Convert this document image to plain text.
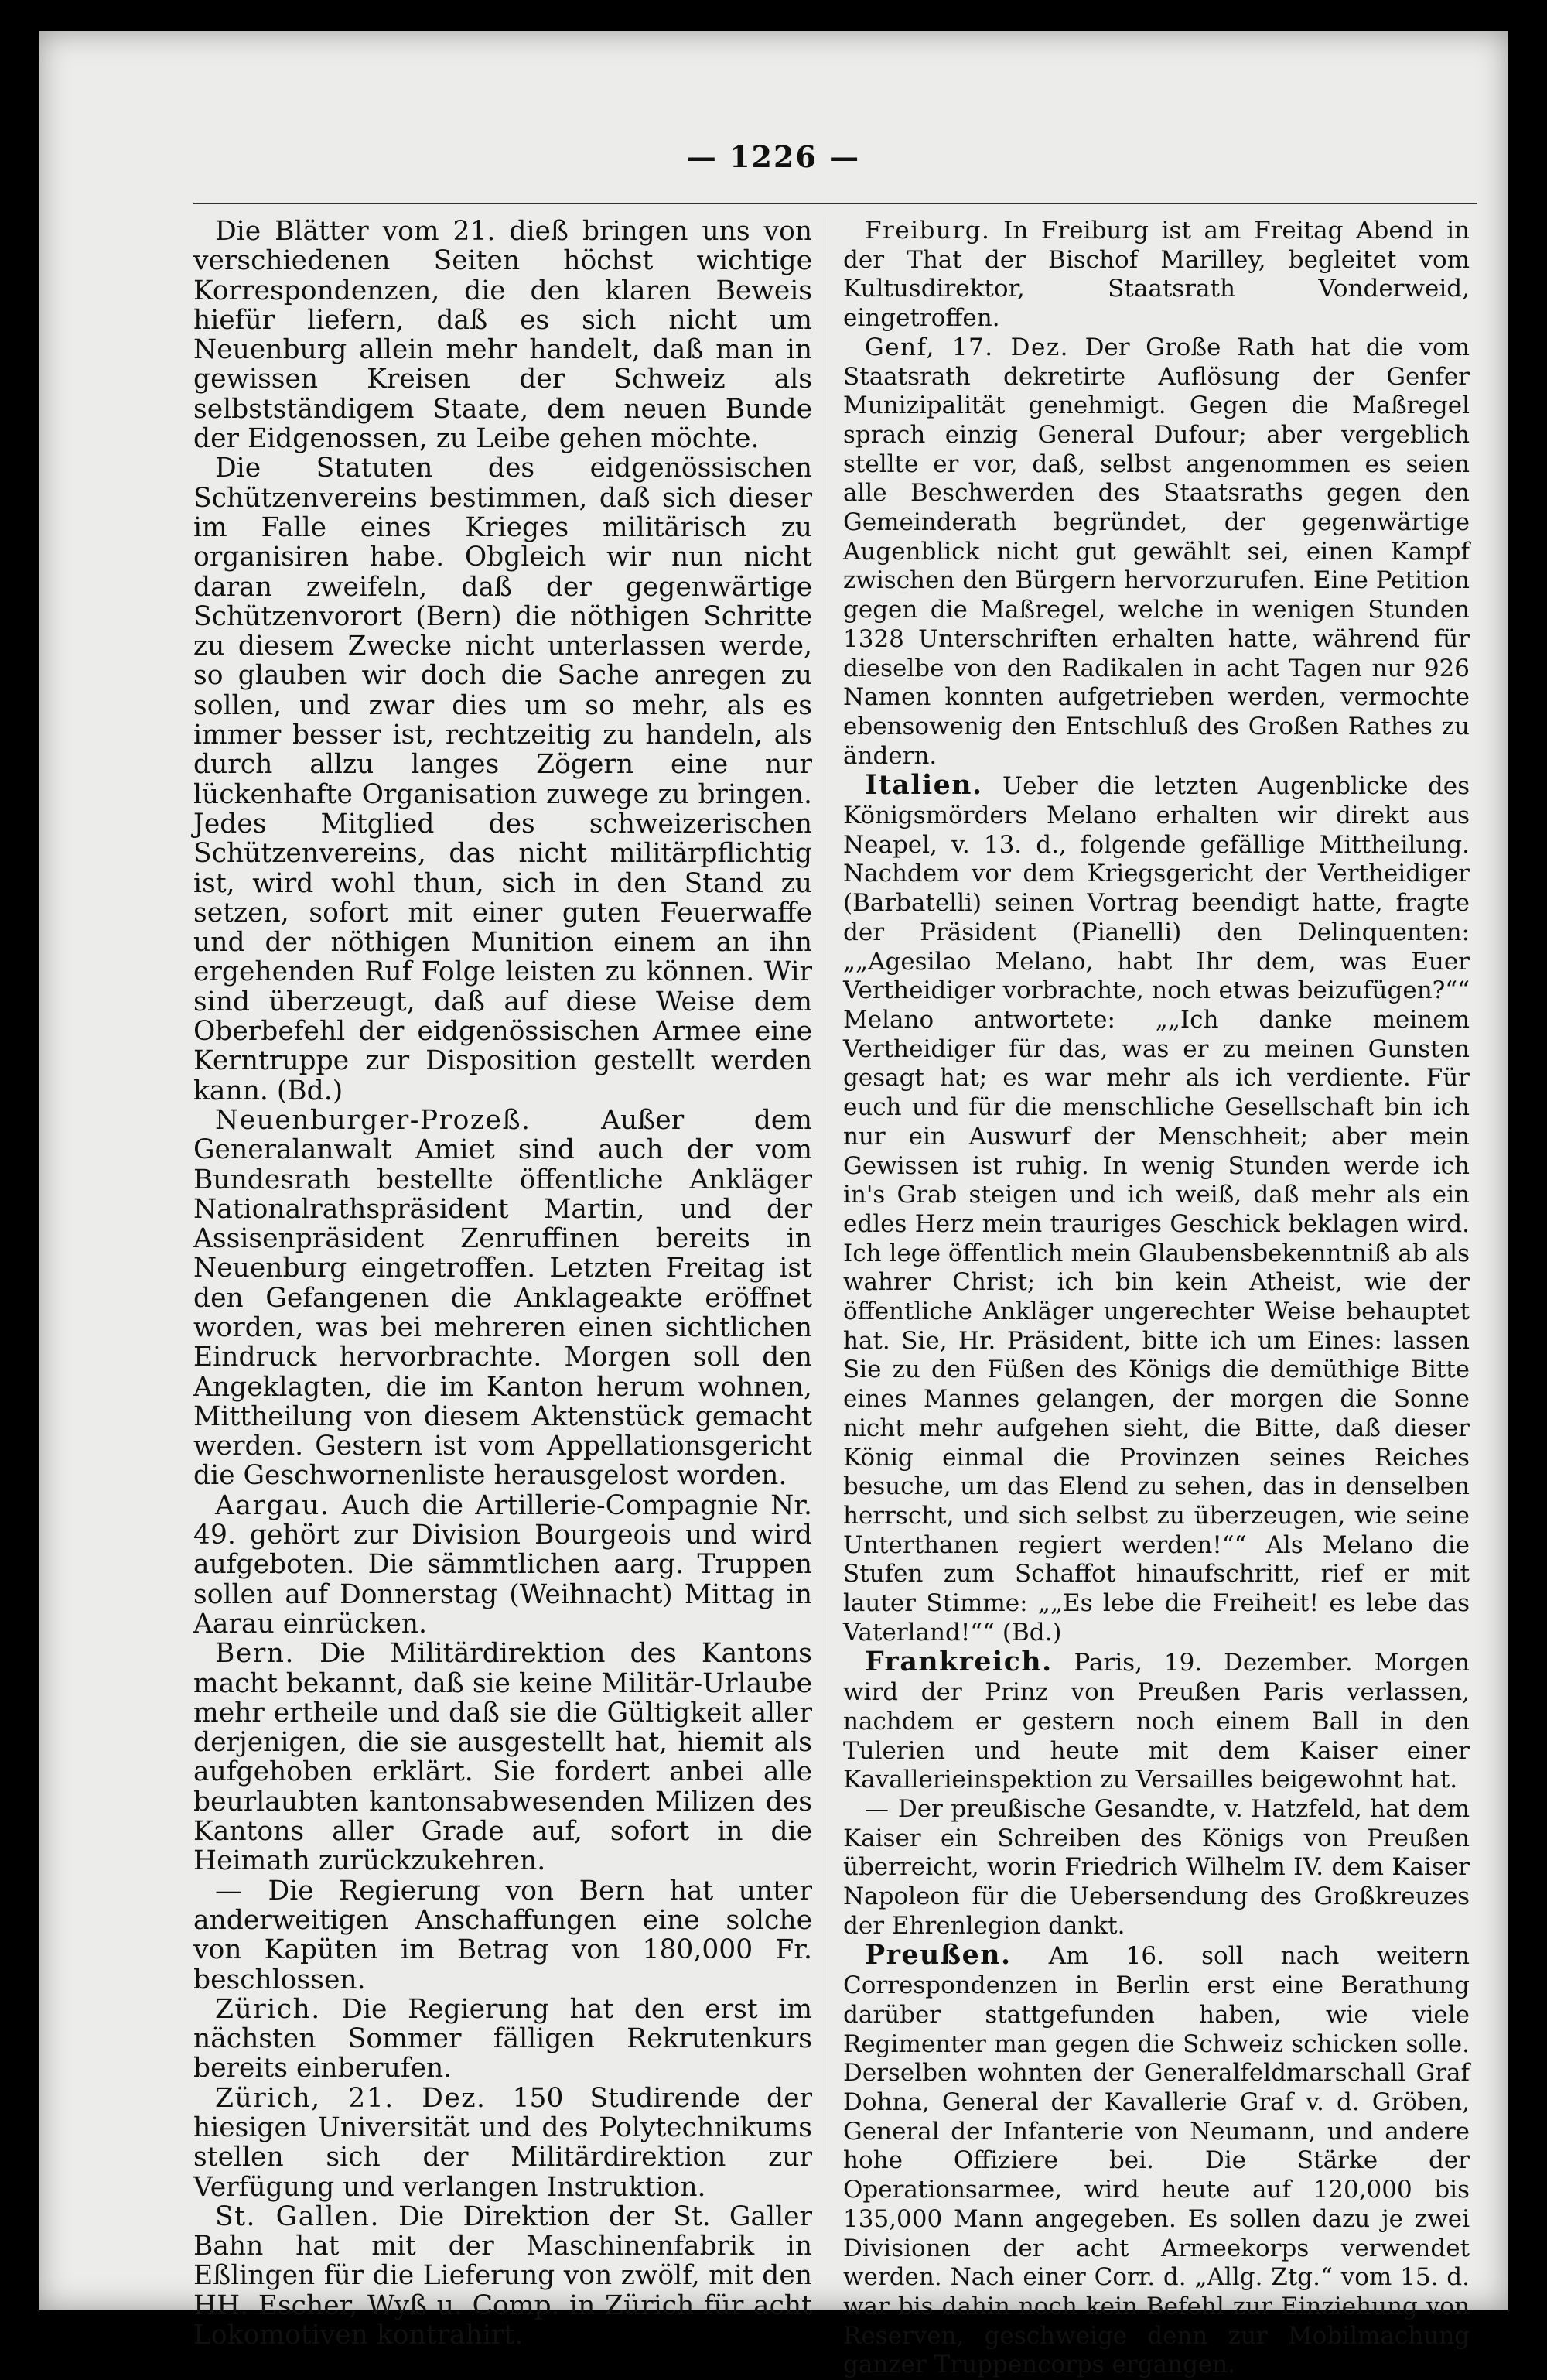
— 1226 —

Die Blätter vom 21. dieß bringen uns von verschiedenen Seiten höchst wichtige Korrespondenzen, die den klaren Beweis hiefür liefern, daß es sich nicht um Neuenburg allein mehr handelt, daß man in gewissen Kreisen der Schweiz als selbstständigem Staate, dem neuen Bunde der Eidgenossen, zu Leibe gehen möchte.

Die Statuten des eidgenössischen Schützenvereins bestimmen, daß sich dieser im Falle eines Krieges militärisch zu organisiren habe. Obgleich wir nun nicht daran zweifeln, daß der gegenwärtige Schützenvorort (Bern) die nöthigen Schritte zu diesem Zwecke nicht unterlassen werde, so glauben wir doch die Sache anregen zu sollen, und zwar dies um so mehr, als es immer besser ist, rechtzeitig zu handeln, als durch allzu langes Zögern eine nur lückenhafte Organisation zuwege zu bringen. Jedes Mitglied des schweizerischen Schützenvereins, das nicht militärpflichtig ist, wird wohl thun, sich in den Stand zu setzen, sofort mit einer guten Feuerwaffe und der nöthigen Munition einem an ihn ergehenden Ruf Folge leisten zu können. Wir sind überzeugt, daß auf diese Weise dem Oberbefehl der eidgenössischen Armee eine Kerntruppe zur Disposition gestellt werden kann. (Bd.)

Neuenburger-Prozeß.	Außer dem Generalanwalt Amiet sind auch der vom Bundesrath bestellte öffentliche Ankläger Nationalrathspräsident Martin, und der Assisenpräsident Zenruffinen bereits in Neuenburg eingetroffen. Letzten Freitag ist den Gefangenen die Anklageakte eröffnet worden, was bei mehreren einen sichtlichen Eindruck hervorbrachte. Morgen soll den Angeklagten, die im Kanton herum wohnen, Mittheilung von diesem Aktenstück gemacht werden. Gestern ist vom Appellationsgericht die Geschwornenliste herausgelost worden.

Aargau. Auch die Artillerie-Compagnie Nr. 49. gehört zur Division Bourgeois und wird aufgeboten. Die sämmtlichen aarg. Truppen sollen auf Donnerstag (Weihnacht) Mittag in Aarau einrücken.

Bern. Die Militärdirektion des Kantons macht bekannt, daß sie keine Militär-Urlaube mehr ertheile und daß sie die Gültigkeit aller derjenigen, die sie ausgestellt hat, hiemit als aufgehoben erklärt. Sie fordert anbei alle beurlaubten kantonsabwesenden Milizen des Kantons aller Grade auf, sofort in die Heimath zurückzukehren.

— Die Regierung von Bern hat unter anderweitigen Anschaffungen eine solche von Kapüten im Betrag von 180,000 Fr. beschlossen.

Zürich. Die Regierung hat den erst im nächsten Sommer fälligen Rekrutenkurs bereits einberufen.

Zürich, 21. Dez. 150 Studirende der hiesigen Universität und des Polytechnikums stellen sich der Militärdirektion zur Verfügung und verlangen Instruktion.

St. Gallen. Die Direktion der St. Galler Bahn hat mit der Maschinenfabrik in Eßlingen für die Lieferung von zwölf, mit den HH. Escher, Wyß u. Comp. in Zürich für acht Lokomotiven kontrahirt.

Freiburg. In Freiburg ist am Freitag Abend in der That der Bischof Marilley, begleitet vom Kultusdirektor, Staatsrath Vonderweid, eingetroffen.

Genf, 17. Dez. Der Große Rath hat die vom Staatsrath dekretirte Auflösung der Genfer Munizipalität genehmigt. Gegen die Maßregel sprach einzig General Dufour; aber vergeblich stellte er vor, daß, selbst angenommen es seien alle Beschwerden des Staatsraths gegen den Gemeinderath begründet, der gegenwärtige Augenblick nicht gut gewählt sei, einen Kampf zwischen den Bürgern hervorzurufen. Eine Petition gegen die Maßregel, welche in wenigen Stunden 1328 Unterschriften erhalten hatte, während für dieselbe von den Radikalen in acht Tagen nur 926 Namen konnten aufgetrieben werden, vermochte ebensowenig den Entschluß des Großen Rathes zu ändern.

Italien. Ueber die letzten Augenblicke des Königsmörders Melano erhalten wir direkt aus Neapel, v. 13. d., folgende gefällige Mittheilung. Nachdem vor dem Kriegsgericht der Vertheidiger (Barbatelli) seinen Vortrag beendigt hatte, fragte der Präsident (Pianelli) den Delinquenten: „„Agesilao Melano, habt Ihr dem, was Euer Vertheidiger vorbrachte, noch etwas beizufügen?““ Melano antwortete: „„Ich danke meinem Vertheidiger für das, was er zu meinen Gunsten gesagt hat; es war mehr als ich verdiente. Für euch und für die menschliche Gesellschaft bin ich nur ein Auswurf der Menschheit; aber mein Gewissen ist ruhig. In wenig Stunden werde ich in's Grab steigen und ich weiß, daß mehr als ein edles Herz mein trauriges Geschick beklagen wird. Ich lege öffentlich mein Glaubensbekenntniß ab als wahrer Christ; ich bin kein Atheist, wie der öffentliche Ankläger ungerechter Weise behauptet hat. Sie, Hr. Präsident, bitte ich um Eines: lassen Sie zu den Füßen des Königs die demüthige Bitte eines Mannes gelangen, der morgen die Sonne nicht mehr aufgehen sieht, die Bitte, daß dieser König einmal die Provinzen seines Reiches besuche, um das Elend zu sehen, das in denselben herrscht, und sich selbst zu überzeugen, wie seine Unterthanen regiert werden!““ Als Melano die Stufen zum Schaffot hinaufschritt, rief er mit lauter Stimme: „„Es lebe die Freiheit! es lebe das Vaterland!““ (Bd.)

Frankreich. Paris, 19. Dezember. Morgen wird der Prinz von Preußen Paris verlassen, nachdem er gestern noch einem Ball in den Tulerien und heute mit dem Kaiser einer Kavallerieinspektion zu Versailles beigewohnt hat.

— Der preußische Gesandte, v. Hatzfeld, hat dem Kaiser ein Schreiben des Königs von Preußen überreicht, worin Friedrich Wilhelm IV. dem Kaiser Napoleon für die Uebersendung des Großkreuzes der Ehrenlegion dankt.

Preußen. Am 16. soll nach weitern Correspondenzen in Berlin erst eine Berathung darüber stattgefunden haben, wie viele Regimenter man gegen die Schweiz schicken solle. Derselben wohnten der Generalfeldmarschall Graf Dohna, General der Kavallerie Graf v. d. Gröben, General der Infanterie von Neumann, und andere hohe Offiziere bei. Die Stärke der Operationsarmee, wird heute auf 120,000 bis 135,000 Mann angegeben. Es sollen dazu je zwei Divisionen der acht Armeekorps verwendet werden. Nach einer Corr. d. „Allg. Ztg.“ vom 15. d. war bis dahin noch kein Befehl zur Einziehung von Reserven, geschweige denn zur Mobilmachung ganzer Truppencorps ergangen.
